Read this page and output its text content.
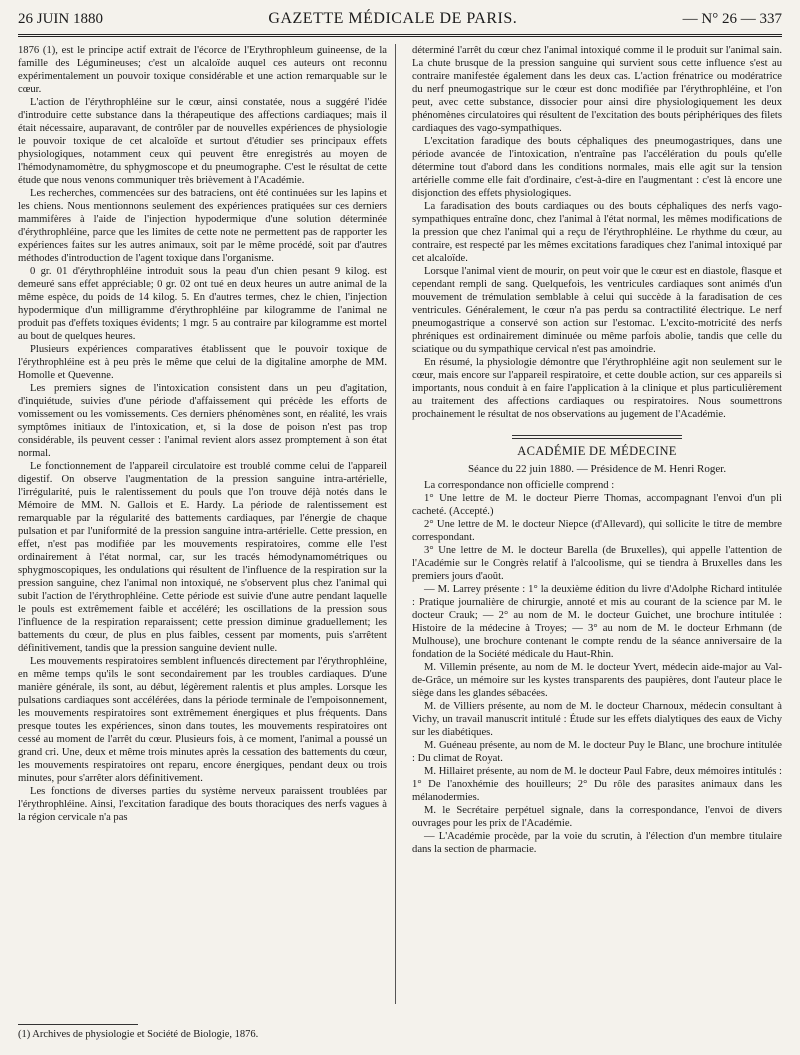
26 JUIN 1880	GAZETTE MÉDICALE DE PARIS.	— N° 26 — 337

1876 (1), est le principe actif extrait de l'écorce de l'Erythrophleum guineense, de la famille des Légumineuses; c'est un alcaloïde auquel ces auteurs ont reconnu expérimentalement un pouvoir toxique considérable et une action remarquable sur le cœur.

L'action de l'érythrophléine sur le cœur, ainsi constatée, nous a suggéré l'idée d'introduire cette substance dans la thérapeutique des affections cardiaques; mais il était nécessaire, auparavant, de contrôler par de nouvelles expériences de physiologie le pouvoir toxique de cet alcaloïde et surtout d'étudier ses principaux effets physiologiques, notamment ceux qui peuvent être enregistrés au moyen de l'hémodynamomètre, du sphygmoscope et du pneumographe. C'est le résultat de cette étude que nous venons communiquer très brièvement à l'Académie.

Les recherches, commencées sur des batraciens, ont été continuées sur les lapins et les chiens. Nous mentionnons seulement des expériences pratiquées sur ces derniers mammifères à l'aide de l'injection hypodermique d'une solution déterminée d'érythrophléine, parce que les limites de cette note ne permettent pas de rapporter les expériences faites sur les autres animaux, soit par le même procédé, soit par d'autres méthodes d'introduction de l'agent toxique dans l'organisme.

0 gr. 01 d'érythrophléine introduit sous la peau d'un chien pesant 9 kilog. est demeuré sans effet appréciable; 0 gr. 02 ont tué en deux heures un autre animal de la même espèce, du poids de 14 kilog. 5. En d'autres termes, chez le chien, l'injection hypodermique d'un milligramme d'érythrophléine par kilogramme de l'animal ne produit pas d'effets toxiques évidents; 1 mgr. 5 au contraire par kilogramme est mortel au bout de quelques heures.

Plusieurs expériences comparatives établissent que le pouvoir toxique de l'érythrophléine est à peu près le même que celui de la digitaline amorphe de MM. Homolle et Quevenne.

Les premiers signes de l'intoxication consistent dans un peu d'agitation, d'inquiétude, suivies d'une période d'affaissement qui précède les efforts de vomissement ou les vomissements. Ces derniers phénomènes sont, en réalité, les vrais symptômes initiaux de l'intoxication, et, si la dose de poison n'est pas trop considérable, ils peuvent cesser : l'animal revient alors assez promptement à son état normal.

Le fonctionnement de l'appareil circulatoire est troublé comme celui de l'appareil digestif. On observe l'augmentation de la pression sanguine intra-artérielle, l'irrégularité, puis le ralentissement du pouls que l'on trouve déjà notés dans le Mémoire de MM. N. Gallois et E. Hardy. La période de ralentissement est remarquable par la régularité des battements cardiaques, par l'énergie de chaque pulsation et par l'uniformité de la pression sanguine intra-artérielle. Cette pression, en effet, n'est pas modifiée par les mouvements respiratoires, comme elle l'est ordinairement à l'état normal, car, sur les tracés hémodynamométriques ou sphygmoscopiques, les ondulations qui résultent de l'influence de la respiration sur la pression sanguine, chez l'animal non intoxiqué, ne s'observent plus chez l'animal qui subit l'action de l'érythrophléine. Cette période est suivie d'une autre pendant laquelle le pouls est extrêmement faible et accéléré; les oscillations de la pression sous l'influence de la respiration reparaissent; cette pression diminue graduellement; les battements du cœur, de plus en plus faibles, cessent par moments, puis s'arrêtent définitivement, tandis que la pression sanguine devient nulle.

Les mouvements respiratoires semblent influencés directement par l'érythrophléine, en même temps qu'ils le sont secondairement par les troubles cardiaques. D'une manière générale, ils sont, au début, légèrement ralentis et plus amples. Lorsque les pulsations cardiaques sont accélérées, dans la période terminale de l'empoisonnement, les mouvements respiratoires sont extrêmement énergiques et plus fréquents. Dans presque toutes les expériences, sinon dans toutes, les mouvements respiratoires ont cessé au moment de l'arrêt du cœur. Plusieurs fois, à ce moment, l'animal a poussé un grand cri. Une, deux et même trois minutes après la cessation des battements du cœur, les mouvements respiratoires ont reparu, encore énergiques, pendant deux ou trois minutes, pour s'arrêter alors définitivement.

Les fonctions de diverses parties du système nerveux paraissent troublées par l'érythrophléine. Ainsi, l'excitation faradique des bouts thoraciques des nerfs vagues à la région cervicale n'a pas

déterminé l'arrêt du cœur chez l'animal intoxiqué comme il le produit sur l'animal sain. La chute brusque de la pression sanguine qui survient sous cette influence s'est au contraire manifestée également dans les deux cas. L'action frénatrice ou modératrice du nerf pneumogastrique sur le cœur est donc modifiée par l'érythrophléine, et l'on peut, avec cette substance, dissocier pour ainsi dire physiologiquement les deux phénomènes circulatoires qui résultent de l'excitation des bouts périphériques des filets cardiaques des vago-sympathiques.

L'excitation faradique des bouts céphaliques des pneumogastriques, dans une période avancée de l'intoxication, n'entraîne pas l'accélération du pouls qu'elle détermine tout d'abord dans les conditions normales, mais elle agit sur la tension artérielle comme elle fait d'ordinaire, c'est-à-dire en l'augmentant : c'est là encore une disjonction des effets physiologiques.

La faradisation des bouts cardiaques ou des bouts céphaliques des nerfs vago-sympathiques entraîne donc, chez l'animal à l'état normal, les mêmes modifications de la pression que chez l'animal qui a reçu de l'érythrophléine. Le rhythme du cœur, au contraire, est respecté par les mêmes excitations faradiques chez l'animal intoxiqué par cet alcaloïde.

Lorsque l'animal vient de mourir, on peut voir que le cœur est en diastole, flasque et cependant rempli de sang. Quelquefois, les ventricules cardiaques sont animés d'un mouvement de trémulation semblable à celui qui succède à la faradisation de ces ventricules. Généralement, le cœur n'a pas perdu sa contractilité électrique. Le nerf pneumogastrique a conservé son action sur l'estomac. L'excito-motricité des nerfs phréniques est ordinairement diminuée ou même parfois abolie, tandis que celle du sciatique ou du sympathique cervical n'est pas amoindrie.

En résumé, la physiologie démontre que l'érythrophléine agit non seulement sur le cœur, mais encore sur l'appareil respiratoire, et cette double action, sur ces appareils si importants, nous conduit à en faire l'application à la clinique et plus particulièrement au traitement des affections cardiaques ou respiratoires. Nous soumettrons prochainement le résultat de nos observations au jugement de l'Académie.

ACADÉMIE DE MÉDECINE
Séance du 22 juin 1880. — Présidence de M. Henri Roger.

La correspondance non officielle comprend :

1° Une lettre de M. le docteur Pierre Thomas, accompagnant l'envoi d'un pli cacheté. (Accepté.)

2° Une lettre de M. le docteur Niepce (d'Allevard), qui sollicite le titre de membre correspondant.

3° Une lettre de M. le docteur Barella (de Bruxelles), qui appelle l'attention de l'Académie sur le Congrès relatif à l'alcoolisme, qui se tiendra à Bruxelles dans les premiers jours d'août.

— M. Larrey présente : 1° la deuxième édition du livre d'Adolphe Richard intitulée : Pratique journalière de chirurgie, annoté et mis au courant de la science par M. le docteur Crauk; — 2° au nom de M. le docteur Guichet, une brochure intitulée : Histoire de la médecine à Troyes; — 3° au nom de M. le docteur Erhmann (de Mulhouse), une brochure contenant le compte rendu de la séance anniversaire de la fondation de la Société médicale du Haut-Rhin.

M. Villemin présente, au nom de M. le docteur Yvert, médecin aide-major au Val-de-Grâce, un mémoire sur les kystes transparents des paupières, dont l'auteur place le siège dans les glandes sébacées.

M. de Villiers présente, au nom de M. le docteur Charnoux, médecin consultant à Vichy, un travail manuscrit intitulé : Étude sur les effets dialytiques des eaux de Vichy sur les diabétiques.

M. Guéneau présente, au nom de M. le docteur Puy le Blanc, une brochure intitulée : Du climat de Royat.

M. Hillairet présente, au nom de M. le docteur Paul Fabre, deux mémoires intitulés : 1° De l'anoxhémie des houilleurs; 2° Du rôle des parasites animaux dans les mélanodermies.

M. le Secrétaire perpétuel signale, dans la correspondance, l'envoi de divers ouvrages pour les prix de l'Académie.

— L'Académie procède, par la voie du scrutin, à l'élection d'un membre titulaire dans la section de pharmacie.

(1) Archives de physiologie et Société de Biologie, 1876.
